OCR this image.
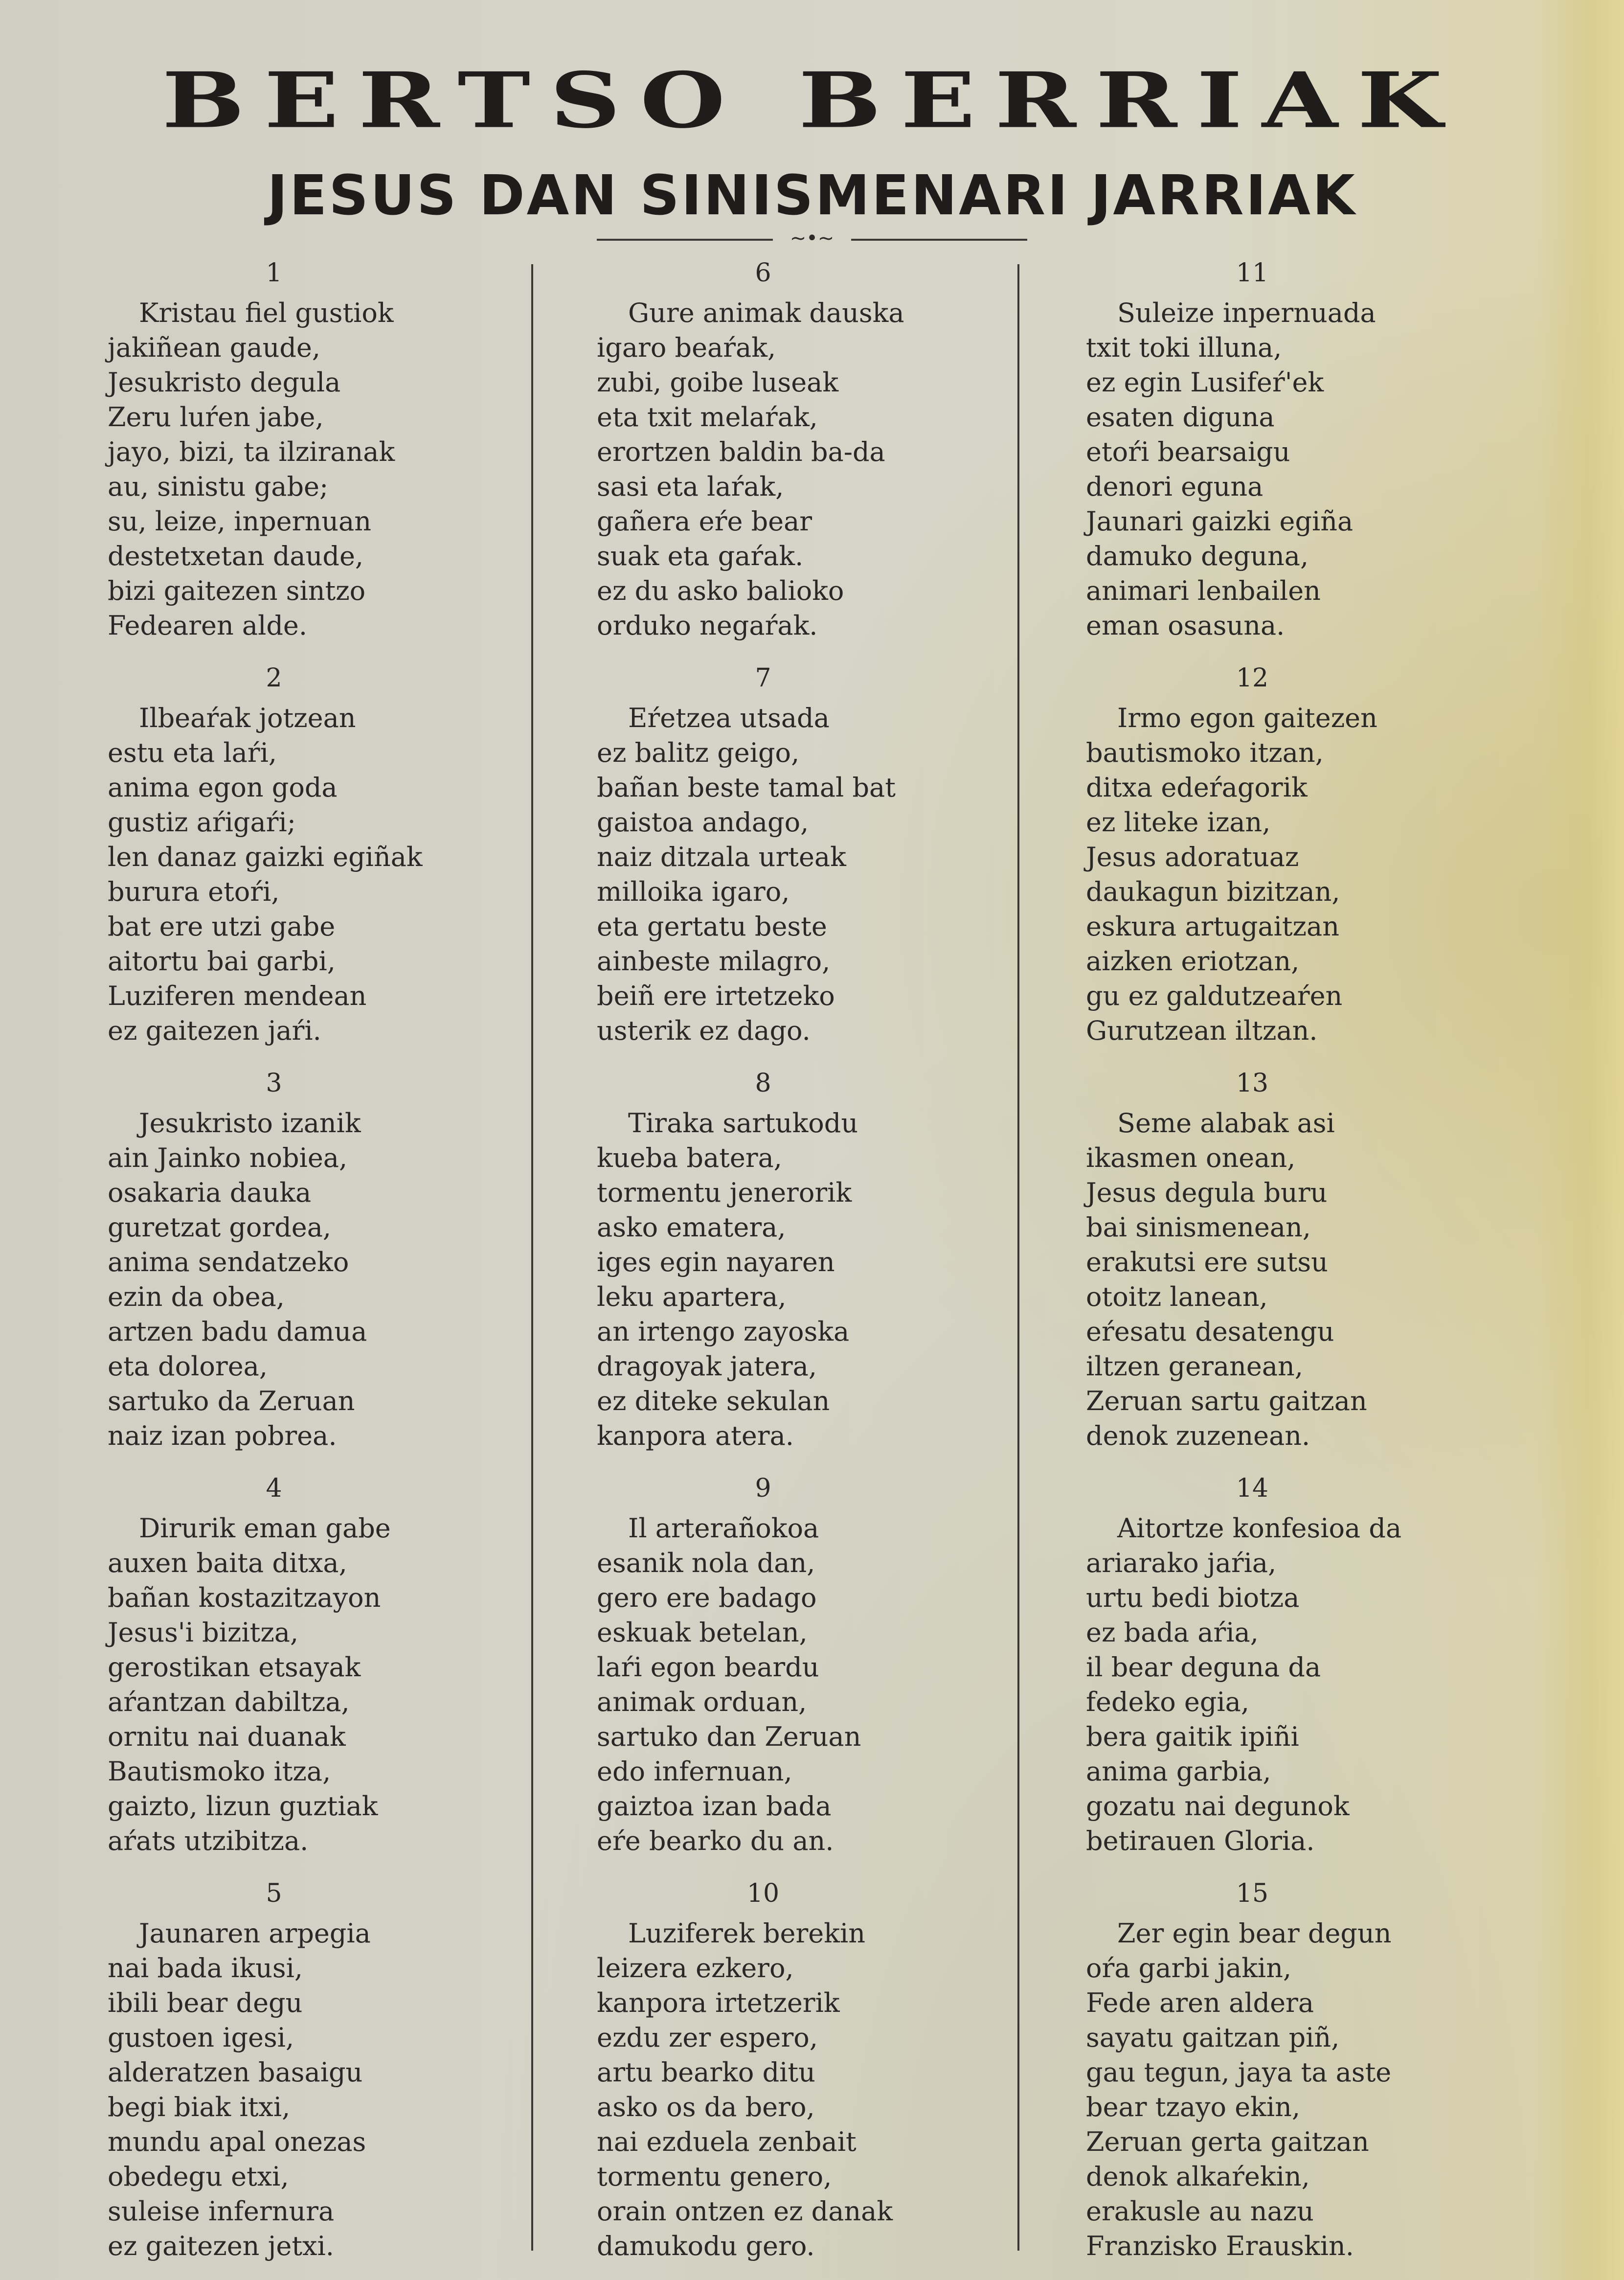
BERTSO BERRIAK
JESUS DAN SINISMENARI JARRIAK
~•~
1
Kristau fiel gustiok
jakiñean gaude,
Jesukristo degula
Zeru luŕen jabe,
jayo, bizi, ta ilziranak
au, sinistu gabe;
su, leize, inpernuan
destetxetan daude,
bizi gaitezen sintzo
Fedearen alde.
2
Ilbeaŕak jotzean
estu eta laŕi,
anima egon goda
gustiz aŕigaŕi;
len danaz gaizki egiñak
burura etoŕi,
bat ere utzi gabe
aitortu bai garbi,
Luziferen mendean
ez gaitezen jaŕi.
3
Jesukristo izanik
ain Jainko nobiea,
osakaria dauka
guretzat gordea,
anima sendatzeko
ezin da obea,
artzen badu damua
eta dolorea,
sartuko da Zeruan
naiz izan pobrea.
4
Dirurik eman gabe
auxen baita ditxa,
bañan kostazitzayon
Jesus'i bizitza,
gerostikan etsayak
aŕantzan dabiltza,
ornitu nai duanak
Bautismoko itza,
gaizto, lizun guztiak
aŕats utzibitza.
5
Jaunaren arpegia
nai bada ikusi,
ibili bear degu
gustoen igesi,
alderatzen basaigu
begi biak itxi,
mundu apal onezas
obedegu etxi,
suleise infernura
ez gaitezen jetxi.
6
Gure animak dauska
igaro beaŕak,
zubi, goibe luseak
eta txit melaŕak,
erortzen baldin ba-da
sasi eta laŕak,
gañera eŕe bear
suak eta gaŕak.
ez du asko balioko
orduko negaŕak.
7
Eŕetzea utsada
ez balitz geigo,
bañan beste tamal bat
gaistoa andago,
naiz ditzala urteak
milloika igaro,
eta gertatu beste
ainbeste milagro,
beiñ ere irtetzeko
usterik ez dago.
8
Tiraka sartukodu
kueba batera,
tormentu jenerorik
asko ematera,
iges egin nayaren
leku apartera,
an irtengo zayoska
dragoyak jatera,
ez diteke sekulan
kanpora atera.
9
Il arterañokoa
esanik nola dan,
gero ere badago
eskuak betelan,
laŕi egon beardu
animak orduan,
sartuko dan Zeruan
edo infernuan,
gaiztoa izan bada
eŕe bearko du an.
10
Luziferek berekin
leizera ezkero,
kanpora irtetzerik
ezdu zer espero,
artu bearko ditu
asko os da bero,
nai ezduela zenbait
tormentu genero,
orain ontzen ez danak
damukodu gero.
11
Suleize inpernuada
txit toki illuna,
ez egin Lusifeŕ'ek
esaten diguna
etoŕi bearsaigu
denori eguna
Jaunari gaizki egiña
damuko deguna,
animari lenbailen
eman osasuna.
12
Irmo egon gaitezen
bautismoko itzan,
ditxa edeŕagorik
ez liteke izan,
Jesus adoratuaz
daukagun bizitzan,
eskura artugaitzan
aizken eriotzan,
gu ez galdutzeaŕen
Gurutzean iltzan.
13
Seme alabak asi
ikasmen onean,
Jesus degula buru
bai sinismenean,
erakutsi ere sutsu
otoitz lanean,
eŕesatu desatengu
iltzen geranean,
Zeruan sartu gaitzan
denok zuzenean.
14
Aitortze konfesioa da
ariarako jaŕia,
urtu bedi biotza
ez bada aŕia,
il bear deguna da
fedeko egia,
bera gaitik ipiñi
anima garbia,
gozatu nai degunok
betirauen Gloria.
15
Zer egin bear degun
oŕa garbi jakin,
Fede aren aldera
sayatu gaitzan piñ,
gau tegun, jaya ta aste
bear tzayo ekin,
Zeruan gerta gaitzan
denok alkaŕekin,
erakusle au nazu
Franzisko Erauskin.
